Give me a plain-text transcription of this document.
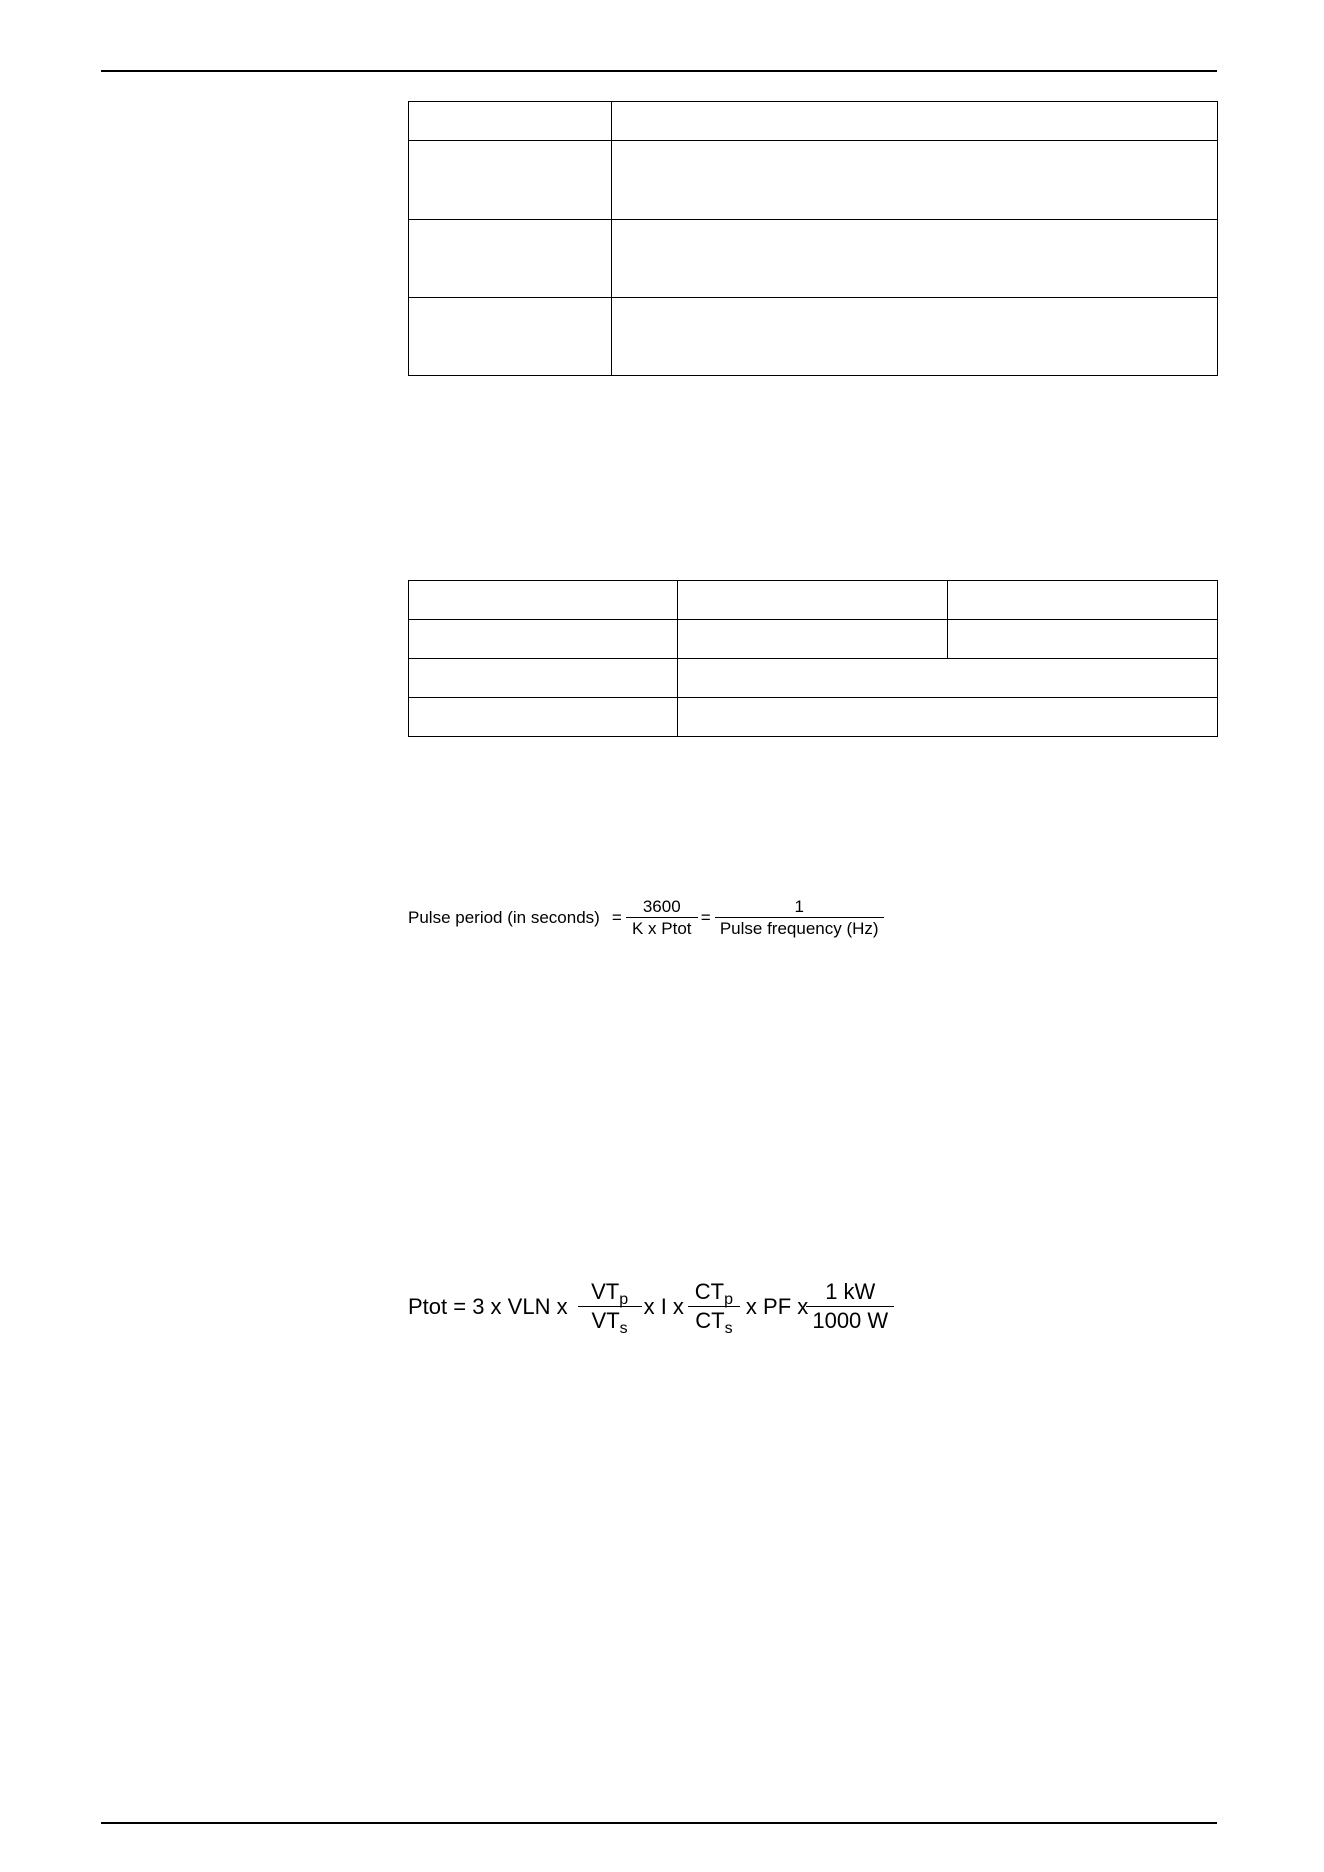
Pulse period (in seconds) = $\frac{3600}{\text{K x Ptot}} = \frac{1}{\text{Pulse frequency (Hz)}}$
Ptot = 3 x VLN x $\frac{VT_p}{VT_s}$ x I x $\frac{CT_p}{CT_s}$ x PF x $\frac{1 kW}{1000 W}$
